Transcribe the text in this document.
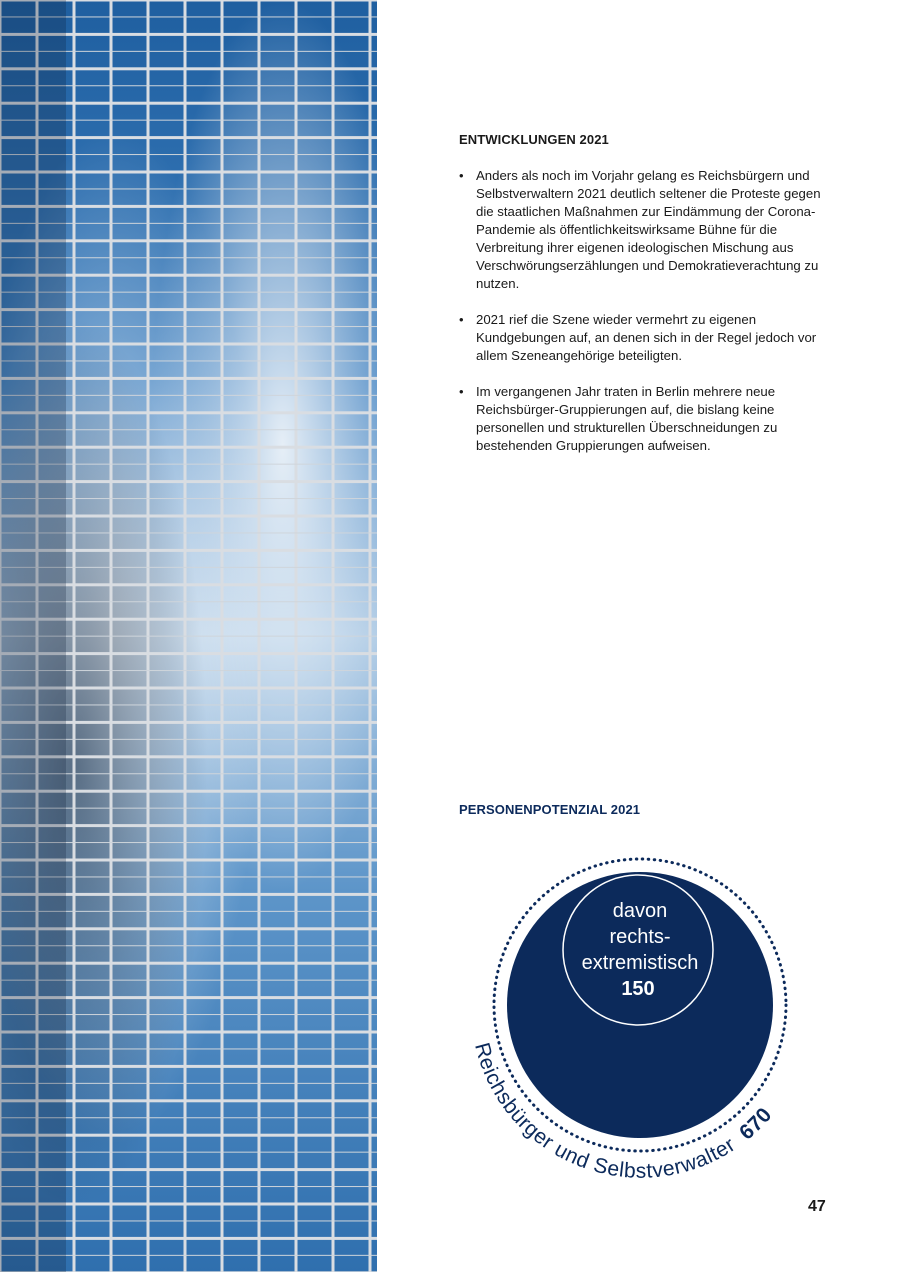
ENTWICKLUNGEN 2021
• Anders als noch im Vorjahr gelang es Reichsbürgern und Selbstverwaltern 2021 deutlich seltener die Proteste gegen die staatlichen Maßnahmen zur Eindämmung der Corona-Pandemie als öffentlichkeitswirksame Bühne für die Verbreitung ihrer eigenen ideologischen Mischung aus Verschwörungserzählungen und Demokratieverachtung zu nutzen.
• 2021 rief die Szene wieder vermehrt zu eigenen Kundgebungen auf, an denen sich in der Regel jedoch vor allem Szeneangehörige beteiligten.
• Im vergangenen Jahr traten in Berlin mehrere neue Reichsbürger-Gruppierungen auf, die bislang keine personellen und strukturellen Überschneidungen zu bestehenden Gruppierungen aufweisen.
PERSONENPOTENZIAL 2021
davon
rechts-
extremistisch
150
Reichsbürger und Selbstverwalter 670
47
